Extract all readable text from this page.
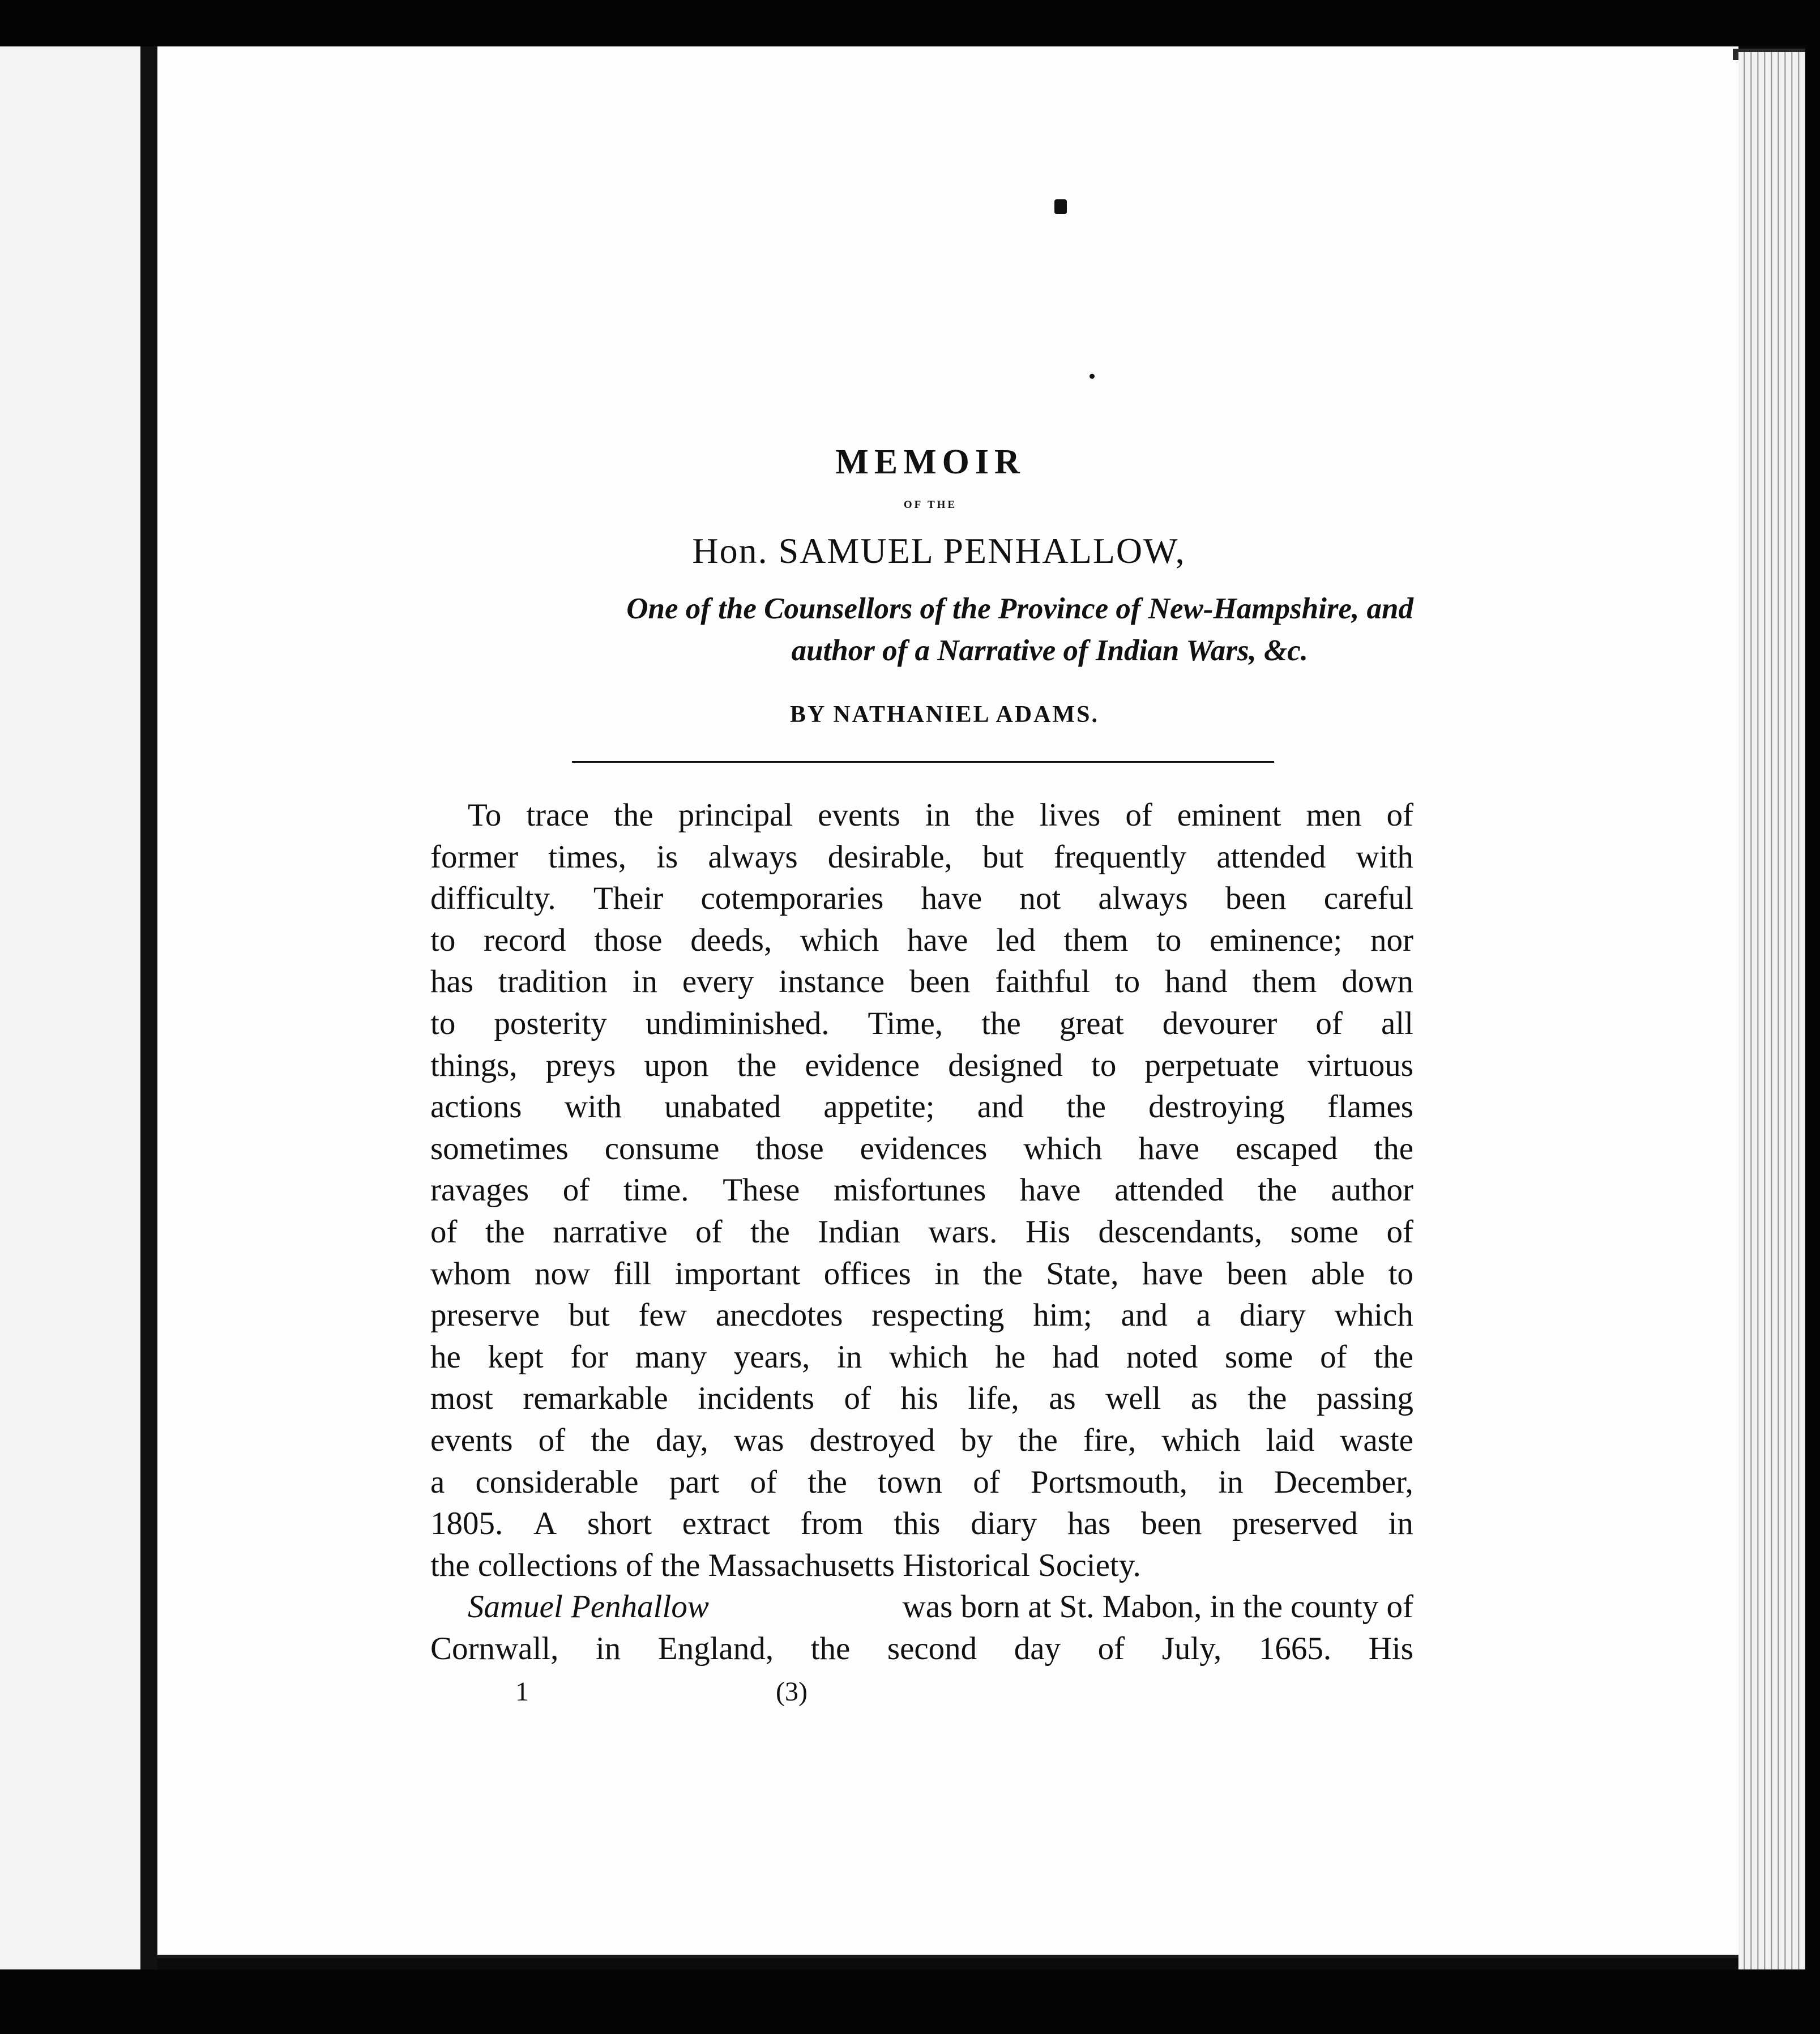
MEMOIR
OF THE
Hon. SAMUEL PENHALLOW,
One of the Counsellors of the Province of New-Hampshire, and
author of a Narrative of Indian Wars, &c.
BY NATHANIEL ADAMS.
To trace the principal events in the lives of eminent men of
former times, is always desirable, but frequently attended with
difficulty. Their cotemporaries have not always been careful
to record those deeds, which have led them to eminence; nor
has tradition in every instance been faithful to hand them down
to posterity undiminished. Time, the great devourer of all
things, preys upon the evidence designed to perpetuate virtuous
actions with unabated appetite; and the destroying flames
sometimes consume those evidences which have escaped the
ravages of time. These misfortunes have attended the author
of the narrative of the Indian wars. His descendants, some of
whom now fill important offices in the State, have been able to
preserve but few anecdotes respecting him; and a diary which
he kept for many years, in which he had noted some of the
most remarkable incidents of his life, as well as the passing
events of the day, was destroyed by the fire, which laid waste
a considerable part of the town of Portsmouth, in December,
1805. A short extract from this diary has been preserved in
the collections of the Massachusetts Historical Society.
Samuel Penhallow	was born at St. Mabon, in the county of
Cornwall, in England, the second day of July, 1665. His
1	(3)
